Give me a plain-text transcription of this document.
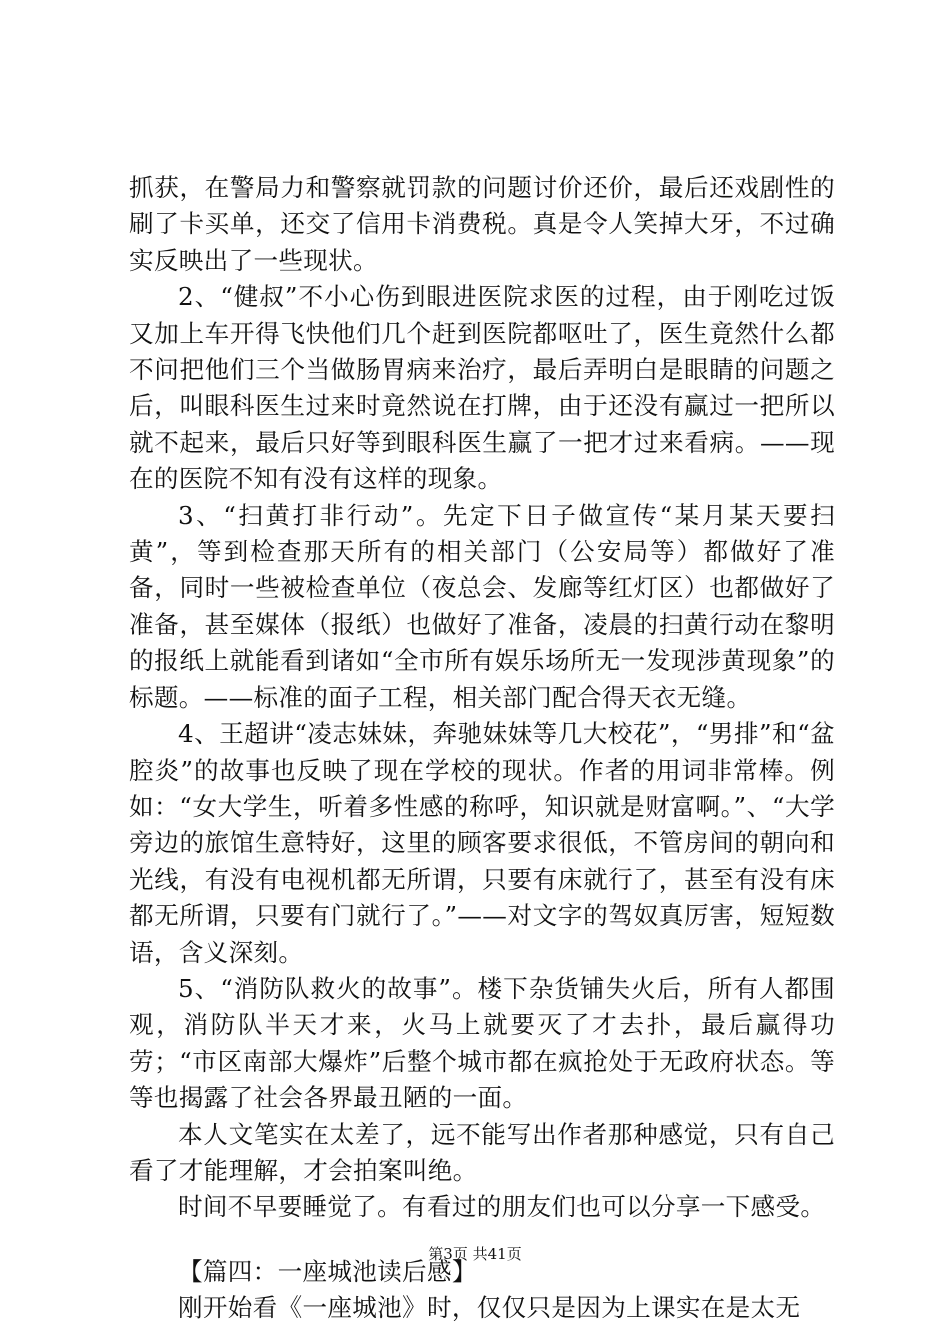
抓获，在警局力和警察就罚款的问题讨价还价，最后还戏剧性的刷了卡买单，还交了信用卡消费税。真是令人笑掉大牙，不过确实反映出了一些现状。

2、“健叔”不小心伤到眼进医院求医的过程，由于刚吃过饭又加上车开得飞快他们几个赶到医院都呕吐了，医生竟然什么都不问把他们三个当做肠胃病来治疗，最后弄明白是眼睛的问题之后，叫眼科医生过来时竟然说在打牌，由于还没有赢过一把所以就不起来，最后只好等到眼科医生赢了一把才过来看病。——现在的医院不知有没有这样的现象。

3、“扫黄打非行动”。先定下日子做宣传“某月某天要扫黄”，等到检查那天所有的相关部门（公安局等）都做好了准备，同时一些被检查单位（夜总会、发廊等红灯区）也都做好了准备，甚至媒体（报纸）也做好了准备，凌晨的扫黄行动在黎明的报纸上就能看到诸如“全市所有娱乐场所无一发现涉黄现象”的标题。——标准的面子工程，相关部门配合得天衣无缝。

4、王超讲“凌志妹妹，奔驰妹妹等几大校花”，“男排”和“盆腔炎”的故事也反映了现在学校的现状。作者的用词非常棒。例如：“女大学生，听着多性感的称呼，知识就是财富啊。”、“大学旁边的旅馆生意特好，这里的顾客要求很低，不管房间的朝向和光线，有没有电视机都无所谓，只要有床就行了，甚至有没有床都无所谓，只要有门就行了。”——对文字的驾奴真厉害，短短数语，含义深刻。

5、“消防队救火的故事”。楼下杂货铺失火后，所有人都围观，消防队半天才来，火马上就要灭了才去扑，最后赢得功劳；“市区南部大爆炸”后整个城市都在疯抢处于无政府状态。等等也揭露了社会各界最丑陋的一面。

本人文笔实在太差了，远不能写出作者那种感觉，只有自己看了才能理解，才会拍案叫绝。

时间不早要睡觉了。有看过的朋友们也可以分享一下感受。

【篇四：一座城池读后感】

刚开始看《一座城池》时，仅仅只是因为上课实在是太无

第3页 共41页
